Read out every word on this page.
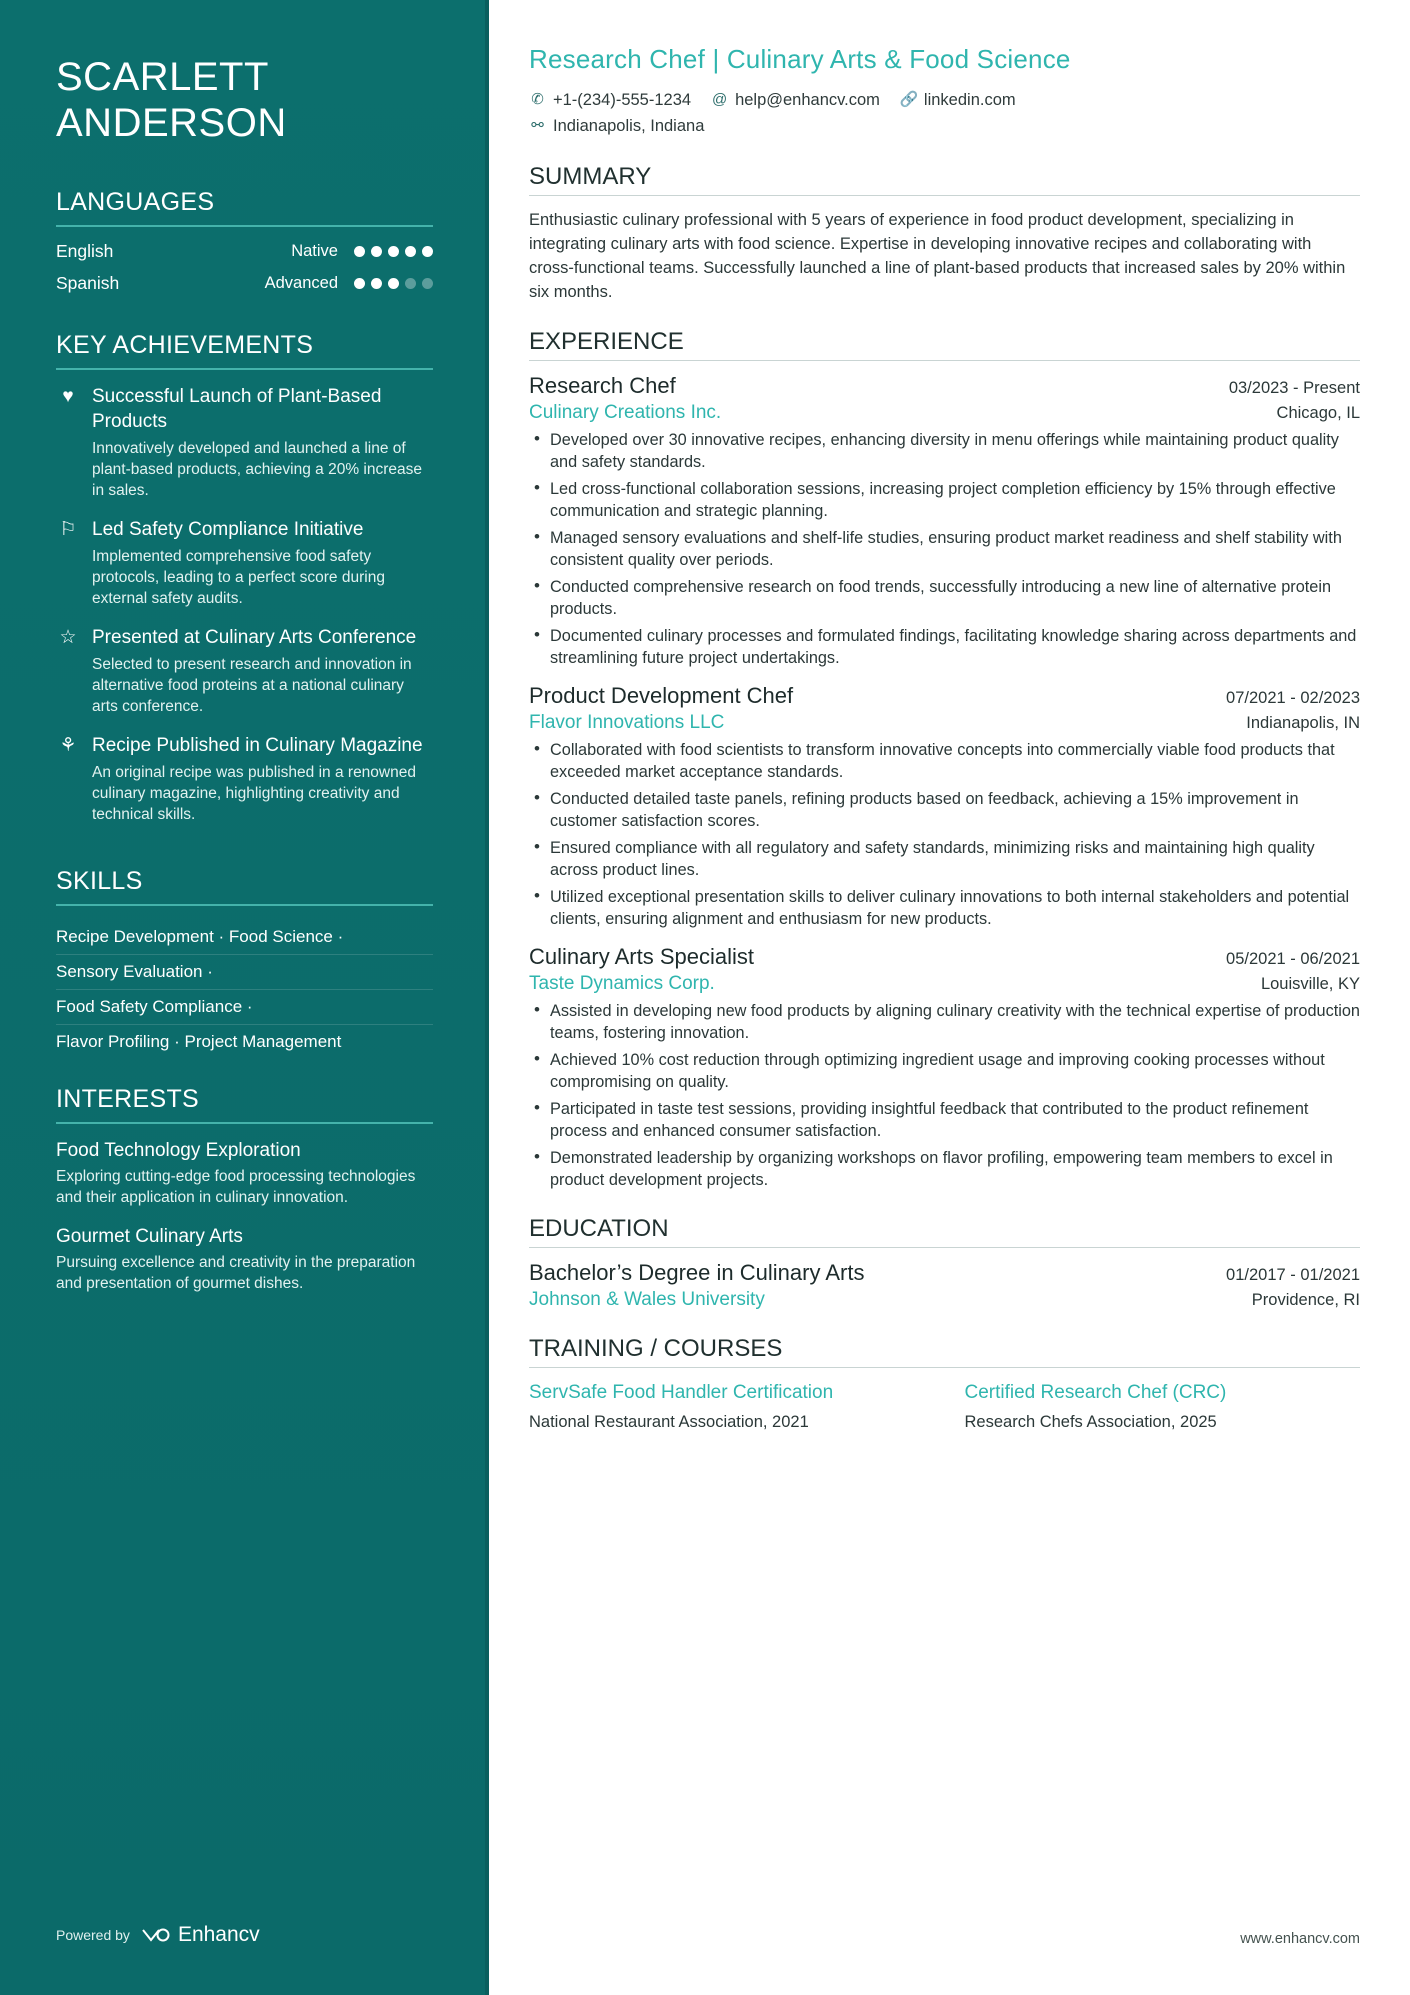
SCARLETT
ANDERSON
LANGUAGES
English	Native
Spanish	Advanced
KEY ACHIEVEMENTS
♥ Successful Launch of Plant-Based Products
Innovatively developed and launched a line of plant-based products, achieving a 20% increase in sales.
⚐ Led Safety Compliance Initiative
Implemented comprehensive food safety protocols, leading to a perfect score during external safety audits.
☆ Presented at Culinary Arts Conference
Selected to present research and innovation in alternative food proteins at a national culinary arts conference.
⚘ Recipe Published in Culinary Magazine
An original recipe was published in a renowned culinary magazine, highlighting creativity and technical skills.
SKILLS
Recipe Development · Food Science ·
Sensory Evaluation ·
Food Safety Compliance ·
Flavor Profiling · Project Management
INTERESTS
Food Technology Exploration
Exploring cutting-edge food processing technologies and their application in culinary innovation.
Gourmet Culinary Arts
Pursuing excellence and creativity in the preparation and presentation of gourmet dishes.
Powered by Enhancv
Research Chef | Culinary Arts & Food Science
✆ +1-(234)-555-1234 @ help@enhancv.com 🔗 linkedin.com
⚯ Indianapolis, Indiana
SUMMARY

Enthusiastic culinary professional with 5 years of experience in food product development, specializing in integrating culinary arts with food science. Expertise in developing innovative recipes and collaborating with cross-functional teams. Successfully launched a line of plant-based products that increased sales by 20% within six months.

EXPERIENCE
Research Chef	03/2023 - Present
Culinary Creations Inc.	Chicago, IL
• Developed over 30 innovative recipes, enhancing diversity in menu offerings while maintaining product quality and safety standards.
• Led cross-functional collaboration sessions, increasing project completion efficiency by 15% through effective communication and strategic planning.
• Managed sensory evaluations and shelf-life studies, ensuring product market readiness and shelf stability with consistent quality over periods.
• Conducted comprehensive research on food trends, successfully introducing a new line of alternative protein products.
• Documented culinary processes and formulated findings, facilitating knowledge sharing across departments and streamlining future project undertakings.
Product Development Chef	07/2021 - 02/2023
Flavor Innovations LLC	Indianapolis, IN
• Collaborated with food scientists to transform innovative concepts into commercially viable food products that exceeded market acceptance standards.
• Conducted detailed taste panels, refining products based on feedback, achieving a 15% improvement in customer satisfaction scores.
• Ensured compliance with all regulatory and safety standards, minimizing risks and maintaining high quality across product lines.
• Utilized exceptional presentation skills to deliver culinary innovations to both internal stakeholders and potential clients, ensuring alignment and enthusiasm for new products.
Culinary Arts Specialist	05/2021 - 06/2021
Taste Dynamics Corp.	Louisville, KY
• Assisted in developing new food products by aligning culinary creativity with the technical expertise of production teams, fostering innovation.
• Achieved 10% cost reduction through optimizing ingredient usage and improving cooking processes without compromising on quality.
• Participated in taste test sessions, providing insightful feedback that contributed to the product refinement process and enhanced consumer satisfaction.
• Demonstrated leadership by organizing workshops on flavor profiling, empowering team members to excel in product development projects.
EDUCATION
Bachelor’s Degree in Culinary Arts	01/2017 - 01/2021
Johnson & Wales University	Providence, RI
TRAINING / COURSES
ServSafe Food Handler Certification
National Restaurant Association, 2021
Certified Research Chef (CRC)
Research Chefs Association, 2025
www.enhancv.com
